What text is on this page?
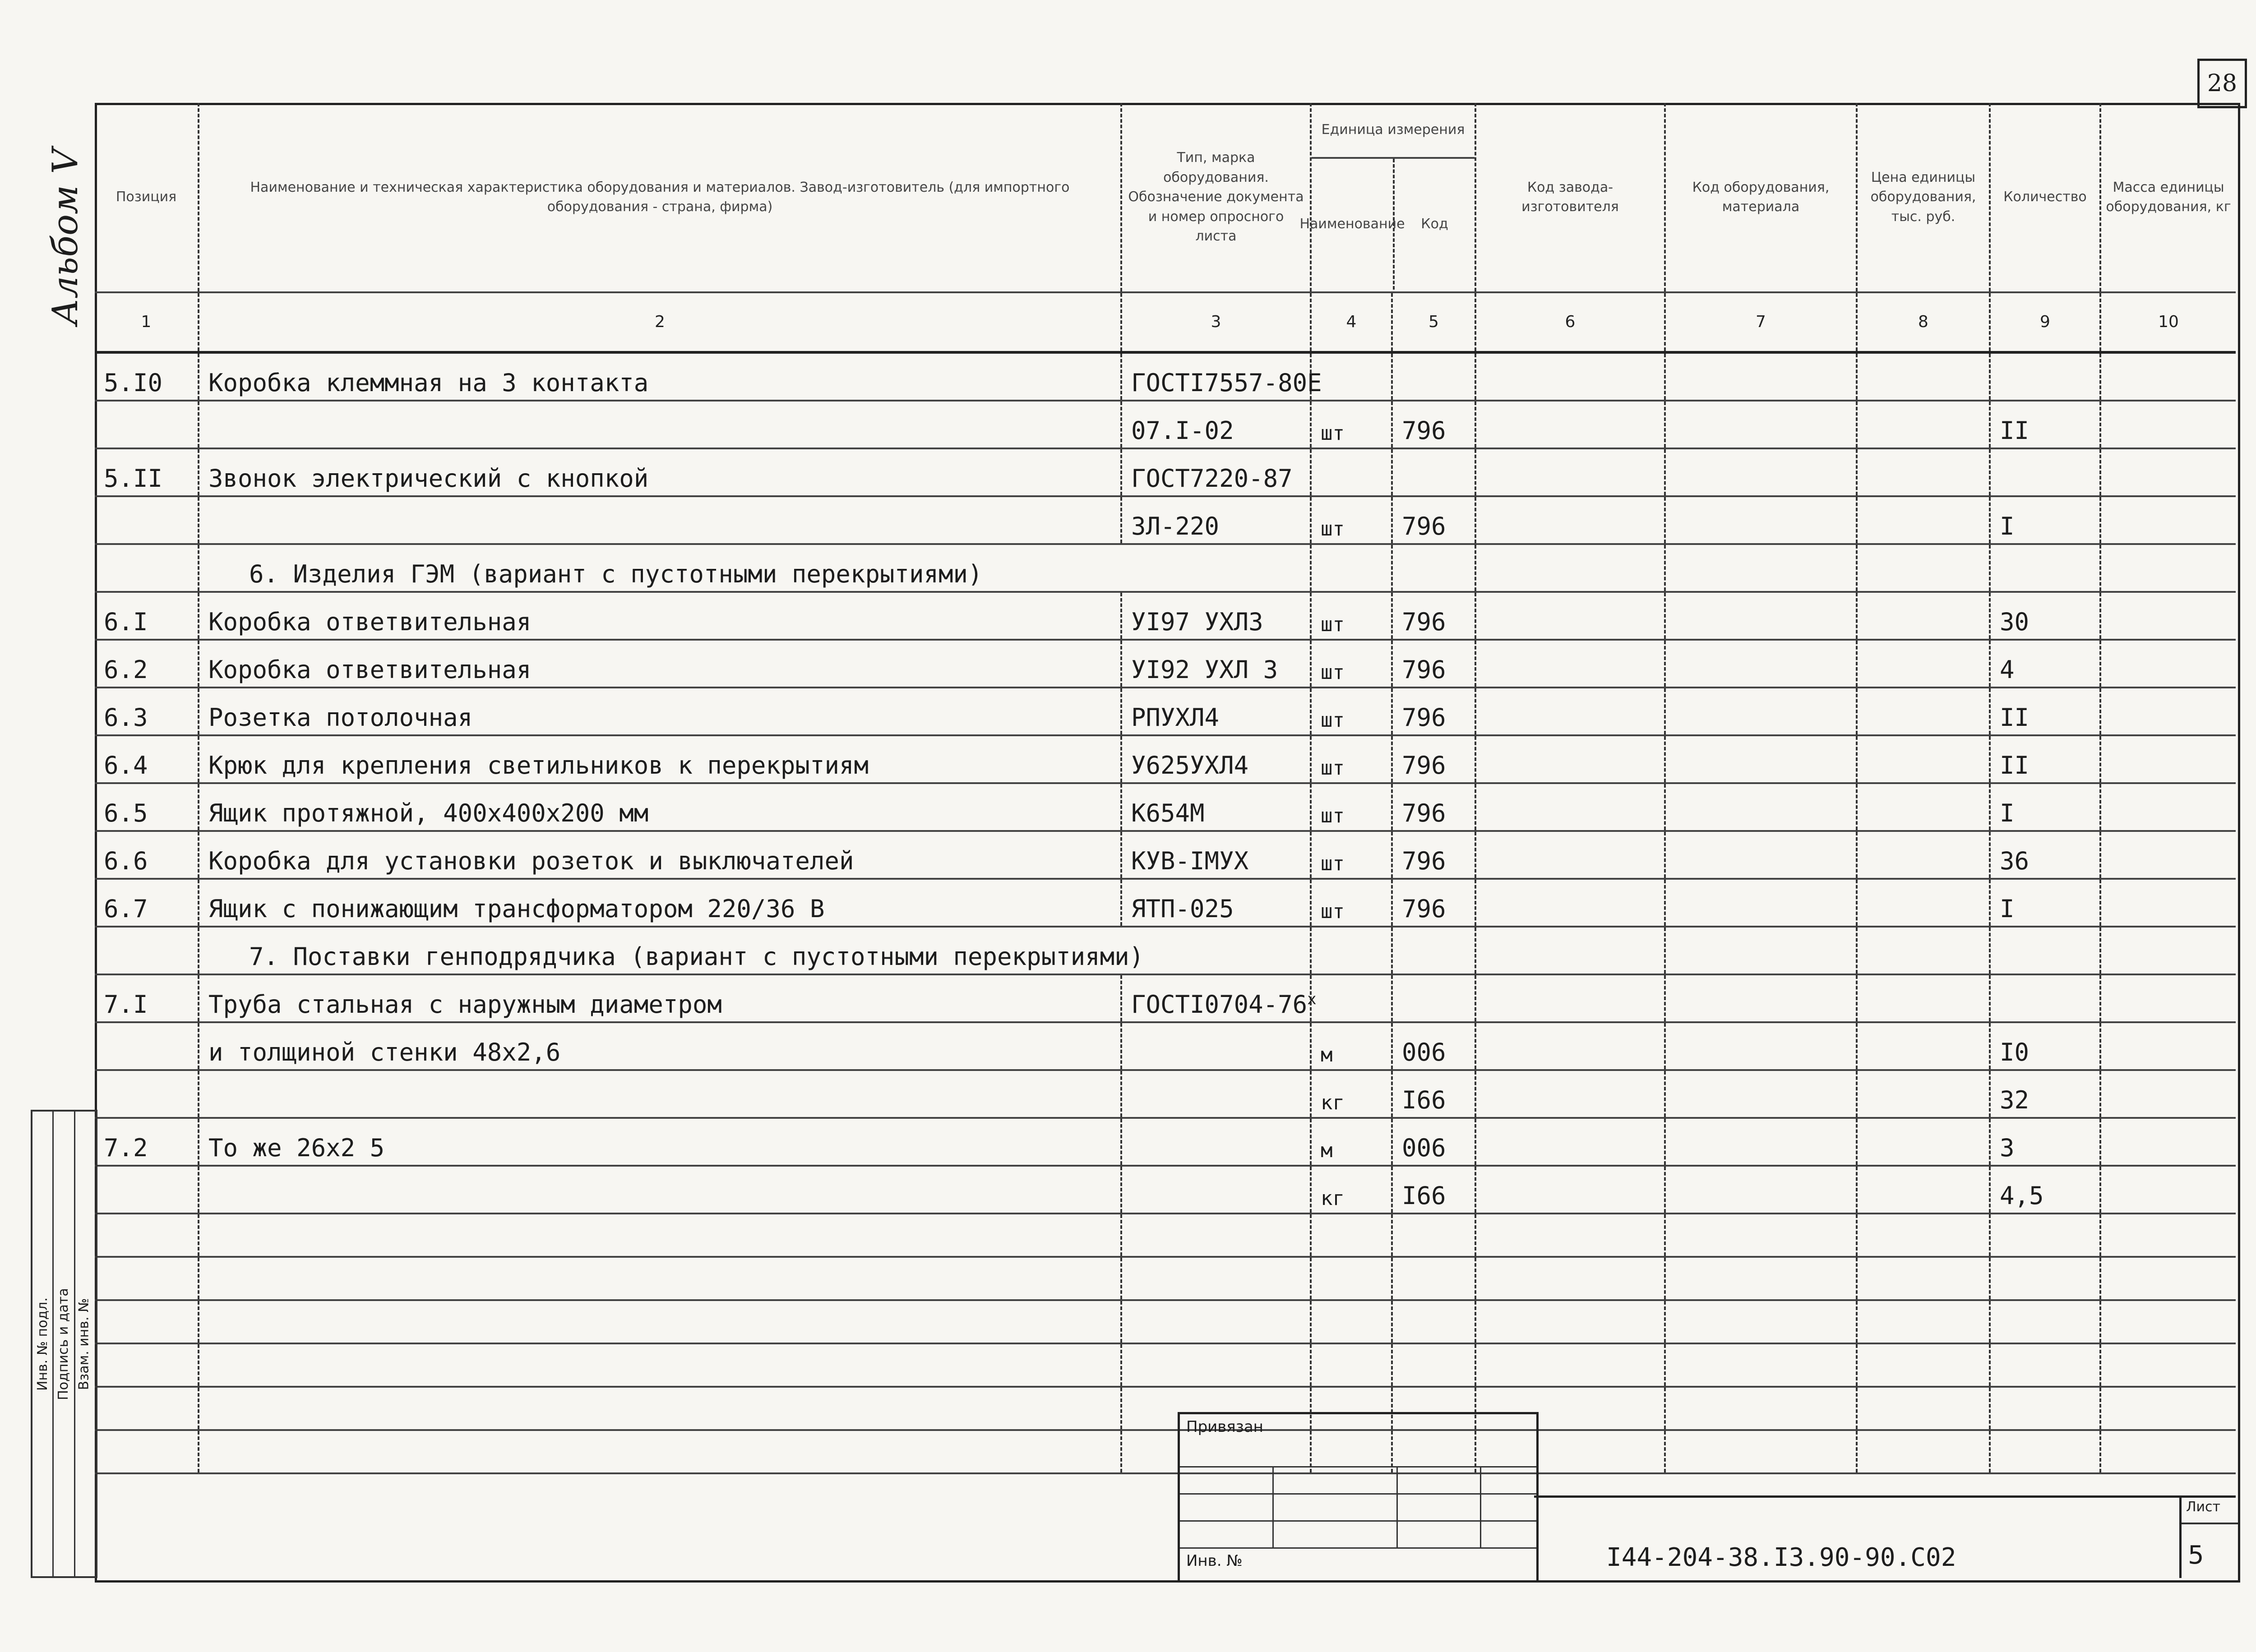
28
Альбом V	Позиция	Наименование и техническая характеристика оборудования и материалов. Завод-изготовитель (для импортного оборудования - страна, фирма)	Тип, марка оборудования. Обозначение документа и номер опросного листа	Единица измерения
Наименование Код		Код завода-изготовителя	Код оборудования, материала	Цена единицы оборудования, тыс. руб.	Количество	Масса единицы оборудования, кг
1	2	3	4	5	6	7	8	9	10
5.I0	Коробка клеммная на 3 контакта	ГОСТI7557-80Е							
		07.I-02	шт	796				II	
5.II	Звонок электрический с кнопкой	ГОСТ7220-87							
		ЗЛ-220	шт	796				I	
	6. Изделия ГЭМ (вариант с пустотными перекрытиями)								
6.I	Коробка ответвительная	УI97 УХЛ3	шт	796				30	
6.2	Коробка ответвительная	УI92 УХЛ 3	шт	796				4	
6.3	Розетка потолочная	РПУХЛ4	шт	796				II	
6.4	Крюк для крепления светильников к перекрытиям	У625УХЛ4	шт	796				II	
6.5	Ящик протяжной, 400х400х200 мм	К654М	шт	796				I	
6.6	Коробка для установки розеток и выключателей	КУВ-IМУХ	шт	796				36	
6.7	Ящик с понижающим трансформатором 220/36 В	ЯТП-025	шт	796				I	
	7. Поставки генподрядчика (вариант с пустотными перекрытиями)								
7.I	Труба стальная с наружным диаметром	ГОСТI0704-76$^x$							
	и толщиной стенки 48х2,6		м	006				I0	
			кг	I66				32	
7.2	То же 26х2 5		м	006				3	
			кг	I66				4,5	

Инв. № подл. Подпись и дата Взам. инв. №
Привязан
Инв. №	I44-204-38.I3.90-90.С02
Лист
5
